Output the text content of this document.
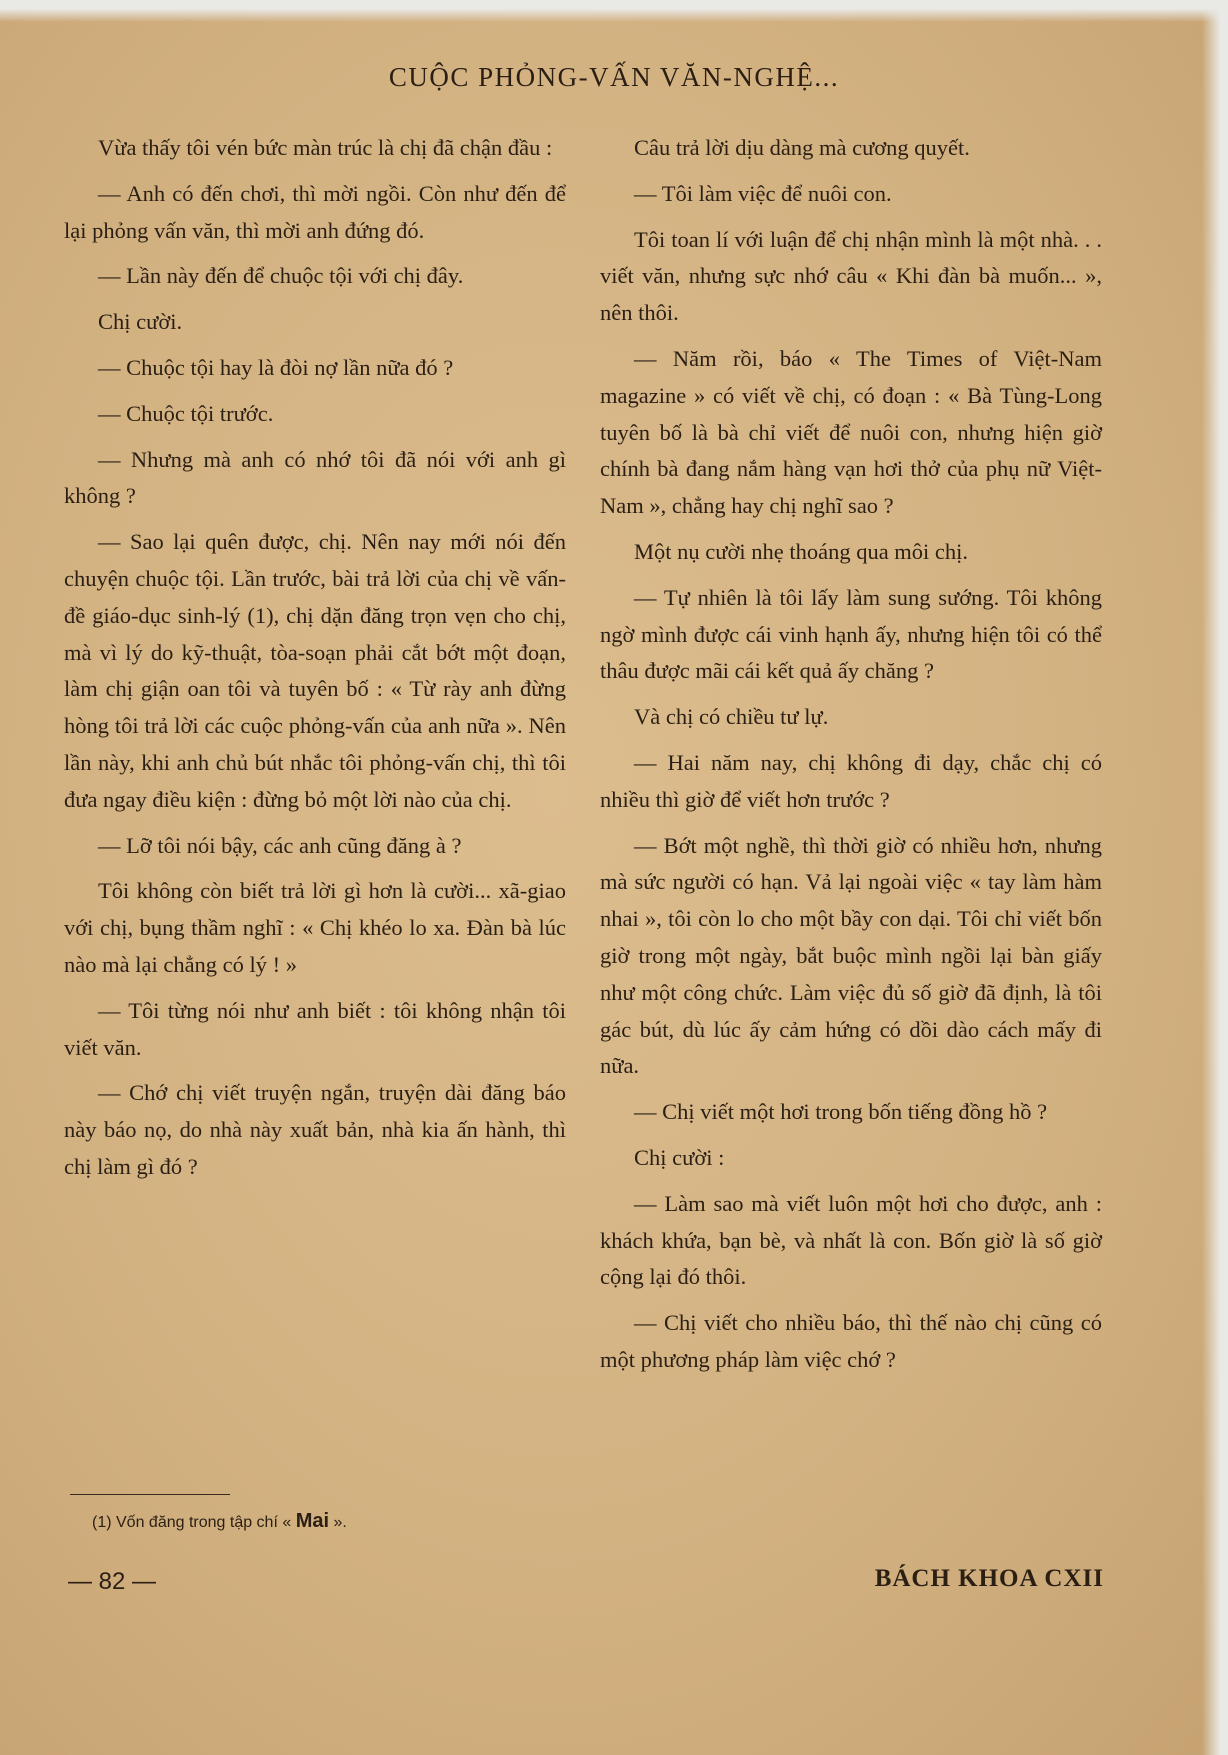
CUỘC PHỎNG-VẤN VĂN-NGHỆ...

Vừa thấy tôi vén bức màn trúc là chị đã chận đầu :

— Anh có đến chơi, thì mời ngồi. Còn như đến để lại phỏng vấn văn, thì mời anh đứng đó.

— Lần này đến để chuộc tội với chị đây.

Chị cười.

— Chuộc tội hay là đòi nợ lần nữa đó ?

— Chuộc tội trước.

— Nhưng mà anh có nhớ tôi đã nói với anh gì không ?

— Sao lại quên được, chị. Nên nay mới nói đến chuyện chuộc tội. Lần trước, bài trả lời của chị về vấn-đề giáo-dục sinh-lý (1), chị dặn đăng trọn vẹn cho chị, mà vì lý do kỹ-thuật, tòa-soạn phải cắt bớt một đoạn, làm chị giận oan tôi và tuyên bố : « Từ rày anh đừng hòng tôi trả lời các cuộc phỏng-vấn của anh nữa ». Nên lần này, khi anh chủ bút nhắc tôi phỏng-vấn chị, thì tôi đưa ngay điều kiện : đừng bỏ một lời nào của chị.

— Lỡ tôi nói bậy, các anh cũng đăng à ?

Tôi không còn biết trả lời gì hơn là cười... xã-giao với chị, bụng thầm nghĩ : « Chị khéo lo xa. Đàn bà lúc nào mà lại chẳng có lý ! »

— Tôi từng nói như anh biết : tôi không nhận tôi viết văn.

— Chớ chị viết truyện ngắn, truyện dài đăng báo này báo nọ, do nhà này xuất bản, nhà kia ấn hành, thì chị làm gì đó ?

Câu trả lời dịu dàng mà cương quyết.

— Tôi làm việc để nuôi con.

Tôi toan lí với luận để chị nhận mình là một nhà. . . viết văn, nhưng sực nhớ câu « Khi đàn bà muốn... », nên thôi.

— Năm rồi, báo « The Times of Việt-Nam magazine » có viết về chị, có đoạn : « Bà Tùng-Long tuyên bố là bà chỉ viết để nuôi con, nhưng hiện giờ chính bà đang nắm hàng vạn hơi thở của phụ nữ Việt-Nam », chẳng hay chị nghĩ sao ?

Một nụ cười nhẹ thoáng qua môi chị.

— Tự nhiên là tôi lấy làm sung sướng. Tôi không ngờ mình được cái vinh hạnh ấy, nhưng hiện tôi có thể thâu được mãi cái kết quả ấy chăng ?

Và chị có chiều tư lự.

— Hai năm nay, chị không đi dạy, chắc chị có nhiều thì giờ để viết hơn trước ?

— Bớt một nghề, thì thời giờ có nhiều hơn, nhưng mà sức người có hạn. Vả lại ngoài việc « tay làm hàm nhai », tôi còn lo cho một bầy con dại. Tôi chỉ viết bốn giờ trong một ngày, bắt buộc mình ngồi lại bàn giấy như một công chức. Làm việc đủ số giờ đã định, là tôi gác bút, dù lúc ấy cảm hứng có dồi dào cách mấy đi nữa.

— Chị viết một hơi trong bốn tiếng đồng hồ ?

Chị cười :

— Làm sao mà viết luôn một hơi cho được, anh : khách khứa, bạn bè, và nhất là con. Bốn giờ là số giờ cộng lại đó thôi.

— Chị viết cho nhiều báo, thì thế nào chị cũng có một phương pháp làm việc chớ ?

(1) Vốn đăng trong tập chí « Mai ».
— 82 —	BÁCH KHOA CXII
